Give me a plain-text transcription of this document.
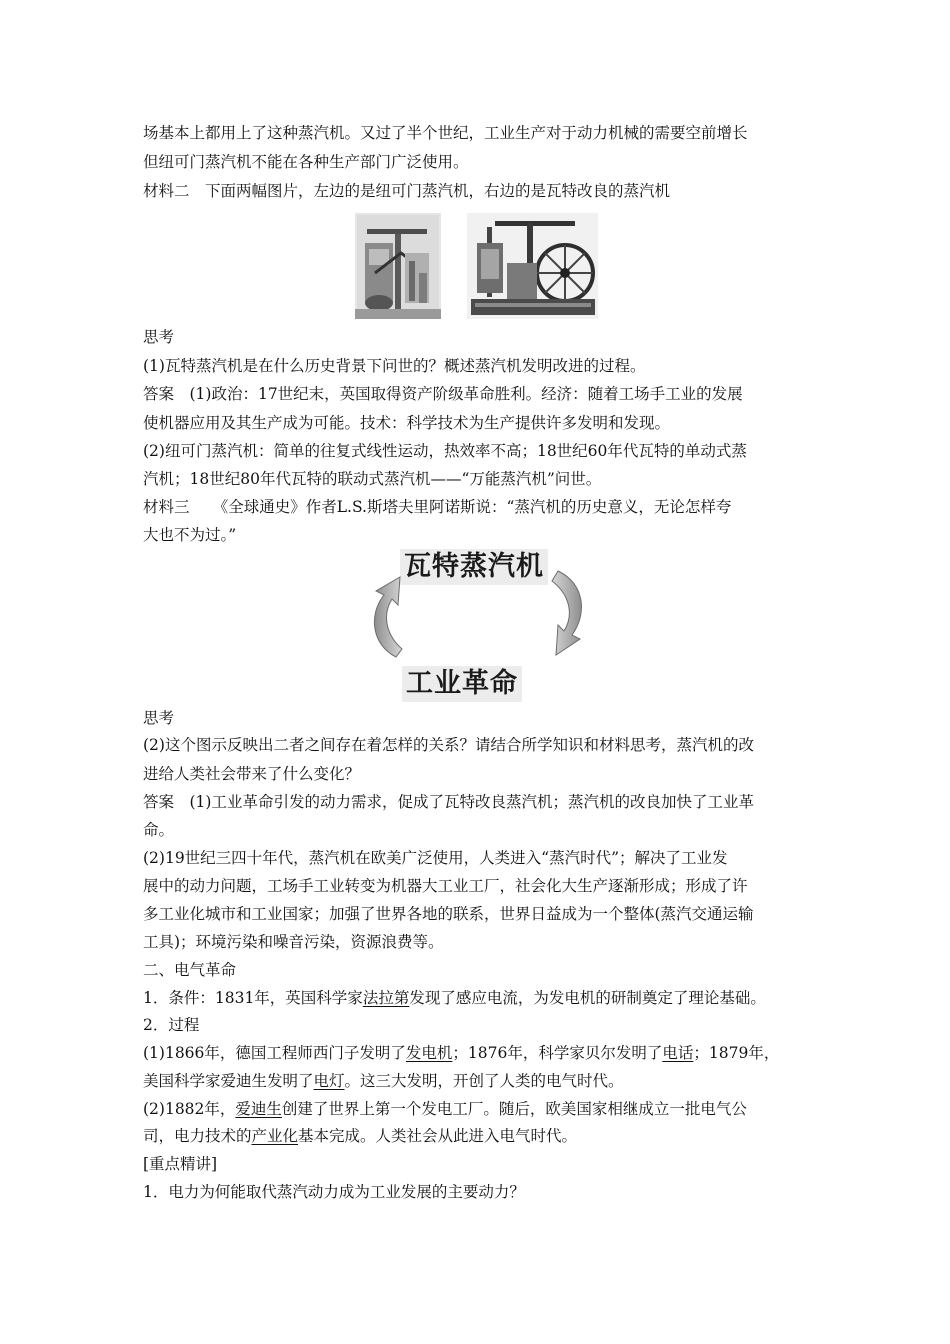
场基本上都用上了这种蒸汽机。又过了半个世纪，工业生产对于动力机械的需要空前增长
但纽可门蒸汽机不能在各种生产部门广泛使用。
材料二　下面两幅图片，左边的是纽可门蒸汽机，右边的是瓦特改良的蒸汽机
思考
(1)瓦特蒸汽机是在什么历史背景下问世的？概述蒸汽机发明改进的过程。
答案　(1)政治：17世纪末，英国取得资产阶级革命胜利。经济：随着工场手工业的发展
使机器应用及其生产成为可能。技术：科学技术为生产提供许多发明和发现。
(2)纽可门蒸汽机：简单的往复式线性运动，热效率不高；18世纪60年代瓦特的单动式蒸
汽机；18世纪80年代瓦特的联动式蒸汽机——“万能蒸汽机”问世。
材料三　　《全球通史》作者L.S.斯塔夫里阿诺斯说：“蒸汽机的历史意义，无论怎样夸
大也不为过。”
瓦特蒸汽机
工业革命
思考
(2)这个图示反映出二者之间存在着怎样的关系？请结合所学知识和材料思考，蒸汽机的改
进给人类社会带来了什么变化？
答案　(1)工业革命引发的动力需求，促成了瓦特改良蒸汽机；蒸汽机的改良加快了工业革
命。
(2)19世纪三四十年代，蒸汽机在欧美广泛使用，人类进入“蒸汽时代”；解决了工业发
展中的动力问题，工场手工业转变为机器大工业工厂，社会化大生产逐渐形成；形成了许
多工业化城市和工业国家；加强了世界各地的联系，世界日益成为一个整体(蒸汽交通运输
工具)；环境污染和噪音污染，资源浪费等。
二、电气革命
1．条件：1831年，英国科学家法拉第发现了感应电流，为发电机的研制奠定了理论基础。
2．过程
(1)1866年，德国工程师西门子发明了发电机；1876年，科学家贝尔发明了电话；1879年，
美国科学家爱迪生发明了电灯。这三大发明，开创了人类的电气时代。
(2)1882年，爱迪生创建了世界上第一个发电工厂。随后，欧美国家相继成立一批电气公
司，电力技术的产业化基本完成。人类社会从此进入电气时代。
[重点精讲]
1．电力为何能取代蒸汽动力成为工业发展的主要动力？
